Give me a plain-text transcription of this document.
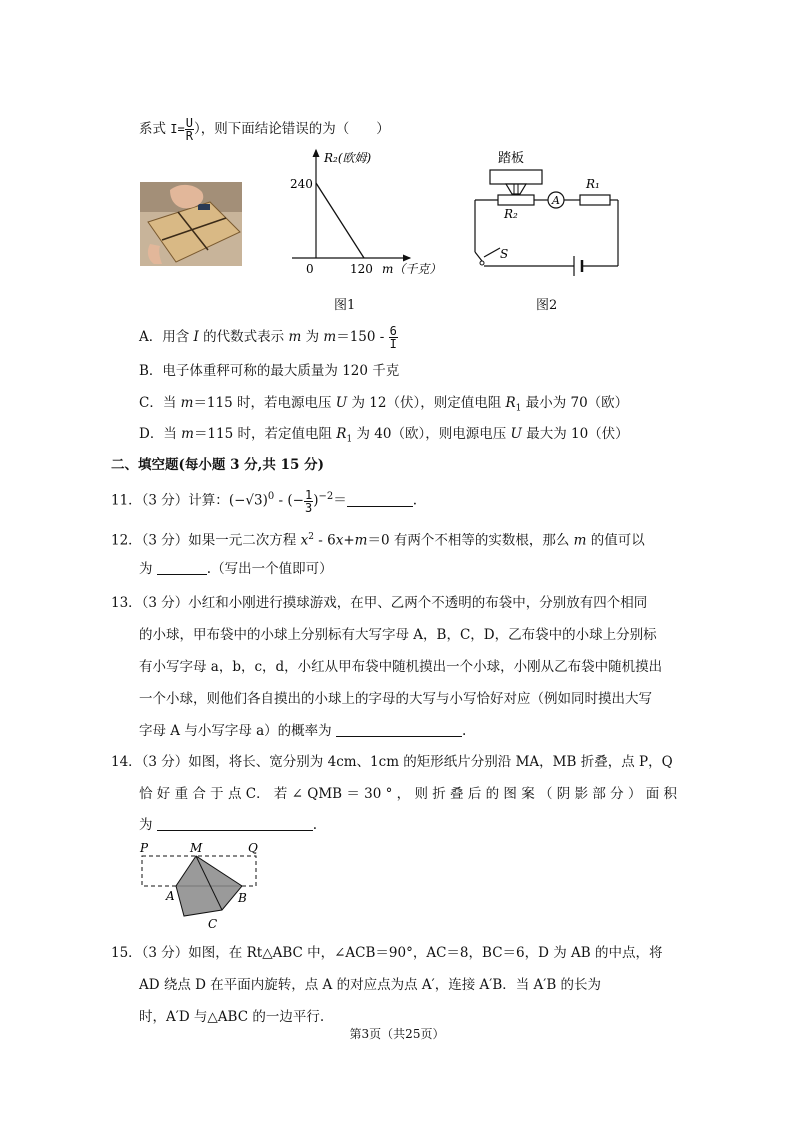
系式 $I= \frac{U}{R}$ ），则下面结论错误的为（　　）
R₂(欧姆)
240
120
0	m（千克）
图1
踏板
R₂
A
R₁
S
图2
A．用含 I 的代数式表示 m 为 $m=150 - \frac{6}{I}$
B．电子体重秤可称的最大质量为 120 千克
C．当 m＝115 时，若电源电压 U 为 12（伏），则定值电阻 $R_1$ 最小为 70（欧）
D．当 m＝115 时，若定值电阻 $R_1$ 为 40（欧），则电源电压 U 最大为 10（伏）
二、填空题(每小题 3 分,共 15 分)
11．（3 分）计算：$(-√3)^0$ - (− $\frac{1}{3} )^{-2}=$	.
12．（3 分）如果一元二次方程 $x^2 - 6x+m=0$ 有两个不相等的实数根，那么 m 的值可以
为	.（写出一个值即可）
13．（3 分）小红和小刚进行摸球游戏，在甲、乙两个不透明的布袋中，分别放有四个相同
的小球，甲布袋中的小球上分别标有大写字母 A，B，C，D，乙布袋中的小球上分别标
有小写字母 a，b，c，d，小红从甲布袋中随机摸出一个小球，小刚从乙布袋中随机摸出
一个小球，则他们各自摸出的小球上的字母的大写与小写恰好对应（例如同时摸出大写
字母 A 与小写字母 a）的概率为	.
14．（3 分）如图，将长、宽分别为 4cm、1cm 的矩形纸片分别沿 MA，MB 折叠，点 P，Q
恰 好 重 合 于 点 C． 若 ∠ QMB ＝ 30 ° ， 则 折 叠 后 的 图 案 （ 阴 影 部 分 ） 面 积
为	.
P	M	Q
A	B
C
15．（3 分）如图，在 Rt△ABC 中，∠ACB＝90°，AC＝8，BC＝6，D 为 AB 的中点，将
AD 绕点 D 在平面内旋转，点 A 的对应点为点 A′，连接 A′B．当 A′B 的长为
时，A′D 与△ABC 的一边平行.
第3页（共25页）
